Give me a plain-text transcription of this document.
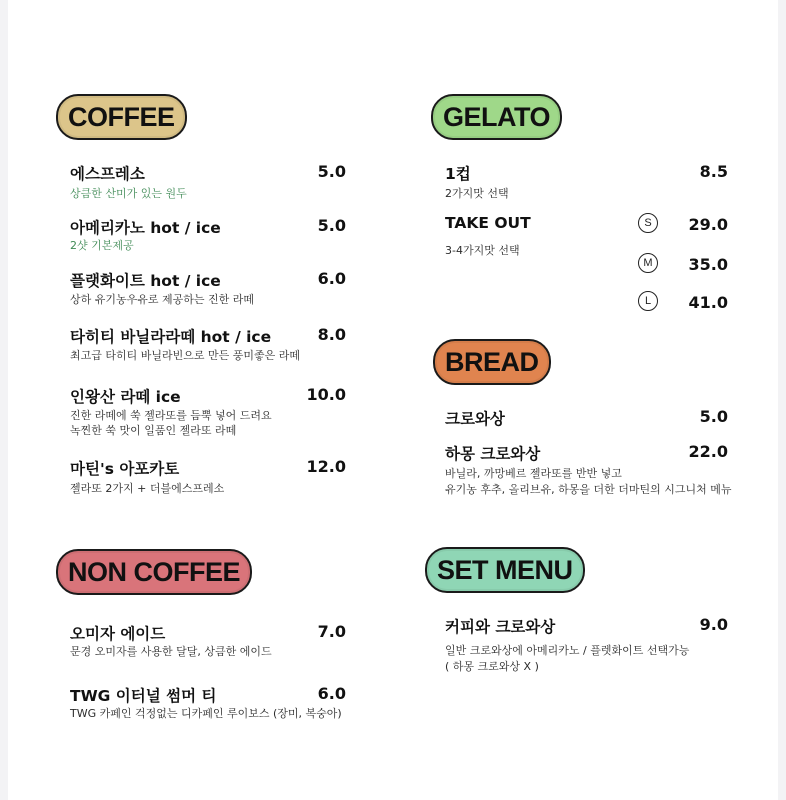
COFFEE
에스프레소	5.0
상큼한 산미가 있는 원두
아메리카노 hot / ice	5.0
2샷 기본제공
플랫화이트 hot / ice	6.0
상하 유기농우유로 제공하는 진한 라떼
타히티 바닐라라떼 hot / ice	8.0
최고급 타히티 바닐라빈으로 만든 풍미좋은 라떼
인왕산 라떼 ice	10.0
진한 라떼에 쑥 젤라또를 듬뿍 넣어 드려요
녹찐한 쑥 맛이 일품인 젤라또 라떼
마틴's 아포카토	12.0
젤라또 2가지 + 더블에스프레소
NON COFFEE
오미자 에이드	7.0
문경 오미자를 사용한 달달, 상큼한 에이드
TWG 이터널 썸머 티	6.0
TWG 카페인 걱정없는 디카페인 루이보스 (장미, 복숭아)
GELATO
1컵	8.5
2가지맛 선택
TAKE OUT
3-4가지맛 선택
S	29.0
M	35.0
L	41.0
BREAD
크로와상	5.0
하몽 크로와상	22.0
바닐라, 까망베르 젤라또를 반반 넣고
유기농 후추, 올리브유, 하몽을 더한 더마틴의 시그니처 메뉴
SET MENU
커피와 크로와상	9.0
일반 크로와상에 아메리카노 / 플렛화이트 선택가능
( 하몽 크로와상 X )
